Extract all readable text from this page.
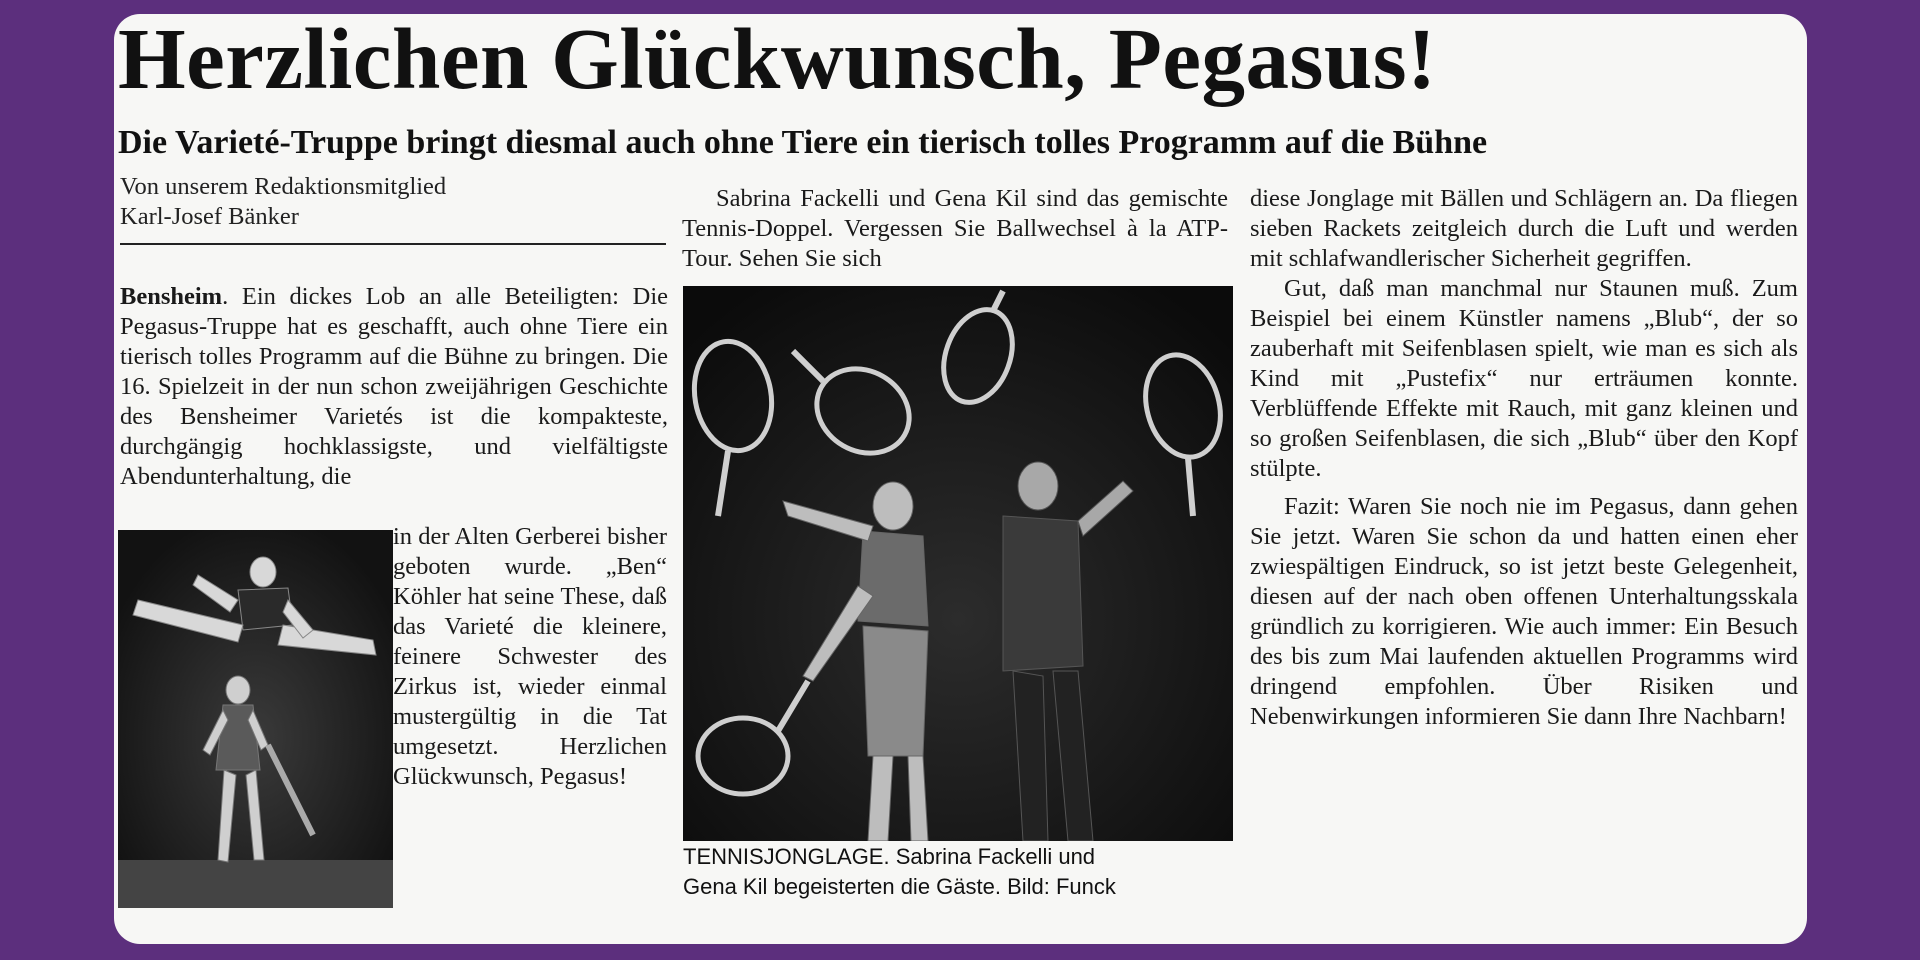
Herzlichen Glückwunsch, Pegasus!
Die Varieté-Truppe bringt diesmal auch ohne Tiere ein tierisch tolles Programm auf die Bühne
Von unserem Redaktionsmitglied
Karl-Josef Bänker

Bensheim. Ein dickes Lob an alle Beteiligten: Die Pegasus-Truppe hat es geschafft, auch ohne Tiere ein tierisch tolles Programm auf die Bühne zu bringen. Die 16. Spielzeit in der nun schon zweijährigen Geschichte des Bensheimer Varietés ist die kompakteste, durchgängig hochklassigste, und vielfältigste Abendunterhaltung, die

in der Alten Gerberei bisher geboten wurde. „Ben“ Köhler hat seine These, daß das Varieté die kleinere, feinere Schwester des Zirkus ist, wieder einmal mustergültig in die Tat umgesetzt. Herzlichen Glückwunsch, Pegasus!

Sabrina Fackelli und Gena Kil sind das gemischte Tennis-Doppel. Vergessen Sie Ballwechsel à la ATP-Tour. Sehen Sie sich

TENNISJONGLAGE. Sabrina Fackelli und
Gena Kil begeisterten die Gäste. Bild: Funck

diese Jonglage mit Bällen und Schlägern an. Da fliegen sieben Rackets zeitgleich durch die Luft und werden mit schlafwandlerischer Sicherheit gegriffen.

Gut, daß man manchmal nur Staunen muß. Zum Beispiel bei einem Künstler namens „Blub“, der so zauberhaft mit Seifenblasen spielt, wie man es sich als Kind mit „Pustefix“ nur erträumen konnte. Verblüffende Effekte mit Rauch, mit ganz kleinen und so großen Seifenblasen, die sich „Blub“ über den Kopf stülpte.

Fazit: Waren Sie noch nie im Pegasus, dann gehen Sie jetzt. Waren Sie schon da und hatten einen eher zwiespältigen Eindruck, so ist jetzt beste Gelegenheit, diesen auf der nach oben offenen Unterhaltungsskala gründlich zu korrigieren. Wie auch immer: Ein Besuch des bis zum Mai laufenden aktuellen Programms wird dringend empfohlen. Über Risiken und Nebenwirkungen informieren Sie dann Ihre Nachbarn!
